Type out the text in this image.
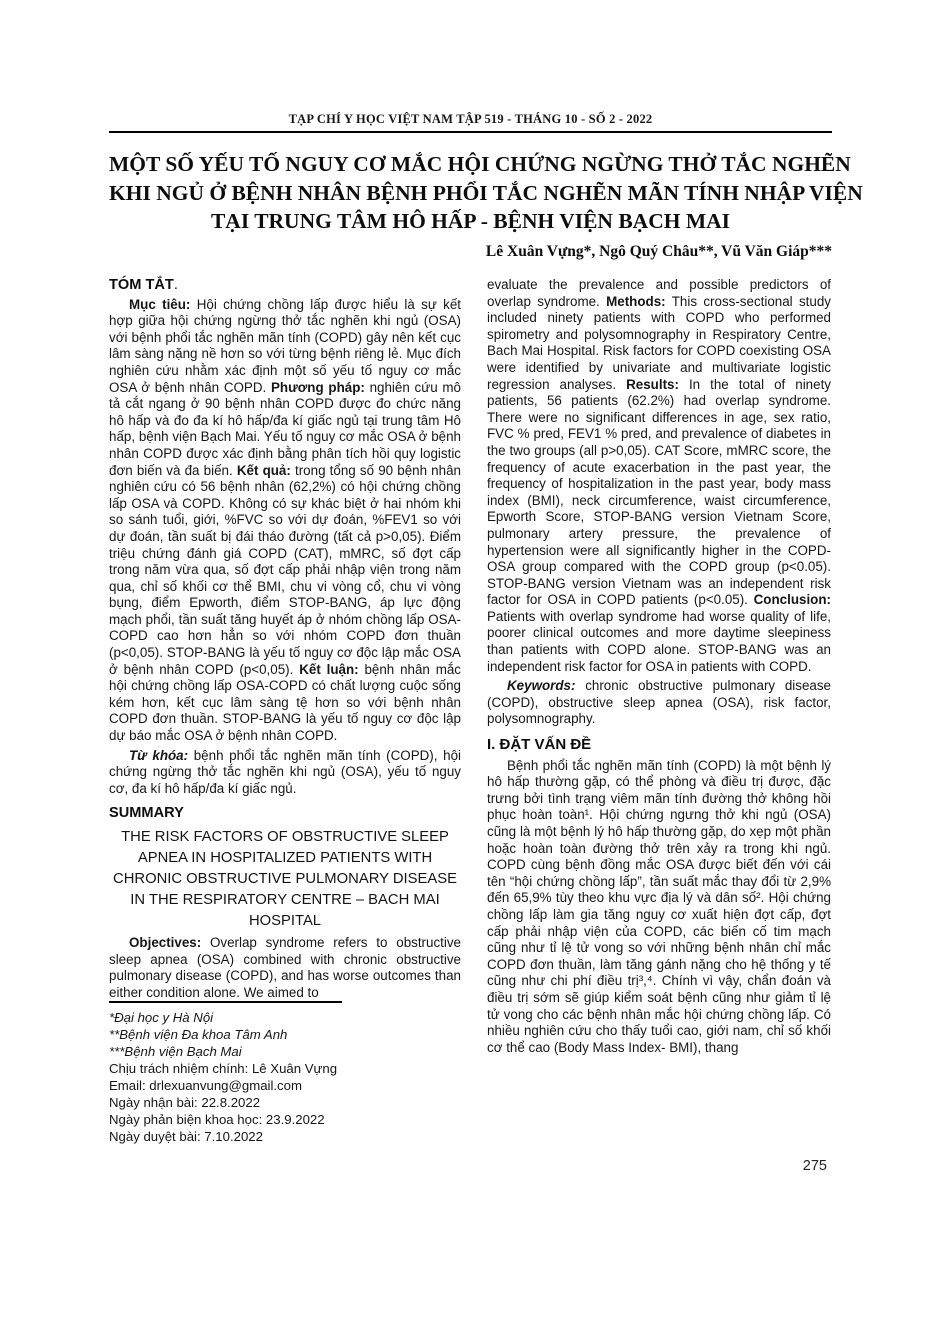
TẠP CHÍ Y HỌC VIỆT NAM TẬP 519 - THÁNG 10 - SỐ 2 - 2022
MỘT SỐ YẾU TỐ NGUY CƠ MẮC HỘI CHỨNG NGỪNG THỞ TẮC NGHẼN
KHI NGỦ Ở BỆNH NHÂN BỆNH PHỔI TẮC NGHẼN MÃN TÍNH NHẬP VIỆN
TẠI TRUNG TÂM HÔ HẤP - BỆNH VIỆN BẠCH MAI
Lê Xuân Vựng*, Ngô Quý Châu**, Vũ Văn Giáp***
TÓM TẮT.

Mục tiêu: Hội chứng chồng lấp được hiểu là sự kết hợp giữa hội chứng ngừng thở tắc nghẽn khi ngủ (OSA) với bệnh phổi tắc nghẽn mãn tính (COPD) gây nên kết cục lâm sàng nặng nề hơn so với từng bệnh riêng lẻ. Mục đích nghiên cứu nhằm xác định một số yếu tố nguy cơ mắc OSA ở bệnh nhân COPD. Phương pháp: nghiên cứu mô tả cắt ngang ở 90 bệnh nhân COPD được đo chức năng hô hấp và đo đa kí hô hấp/đa kí giấc ngủ tại trung tâm Hô hấp, bệnh viện Bạch Mai. Yếu tố nguy cơ mắc OSA ở bệnh nhân COPD được xác định bằng phân tích hồi quy logistic đơn biến và đa biến. Kết quả: trong tổng số 90 bệnh nhân nghiên cứu có 56 bệnh nhân (62,2%) có hội chứng chồng lấp OSA và COPD. Không có sự khác biệt ở hai nhóm khi so sánh tuổi, giới, %FVC so với dự đoán, %FEV1 so với dự đoán, tần suất bị đái tháo đường (tất cả p>0,05). Điểm triệu chứng đánh giá COPD (CAT), mMRC, số đợt cấp trong năm vừa qua, số đợt cấp phải nhập viện trong năm qua, chỉ số khối cơ thể BMI, chu vi vòng cổ, chu vi vòng bụng, điểm Epworth, điểm STOP-BANG, áp lực động mạch phổi, tần suất tăng huyết áp ở nhóm chồng lấp OSA-COPD cao hơn hẳn so với nhóm COPD đơn thuần (p<0,05). STOP-BANG là yếu tố nguy cơ độc lập mắc OSA ở bệnh nhân COPD (p<0,05). Kết luận: bệnh nhân mắc hội chứng chồng lấp OSA-COPD có chất lượng cuộc sống kém hơn, kết cục lâm sàng tệ hơn so với bệnh nhân COPD đơn thuần. STOP-BANG là yếu tố nguy cơ độc lập dự báo mắc OSA ở bệnh nhân COPD.

Từ khóa: bệnh phổi tắc nghẽn mãn tính (COPD), hội chứng ngừng thở tắc nghẽn khi ngủ (OSA), yếu tố nguy cơ, đa kí hô hấp/đa kí giấc ngủ.

SUMMARY
THE RISK FACTORS OF OBSTRUCTIVE SLEEP APNEA IN HOSPITALIZED PATIENTS WITH CHRONIC OBSTRUCTIVE PULMONARY DISEASE IN THE RESPIRATORY CENTRE – BACH MAI HOSPITAL

Objectives: Overlap syndrome refers to obstructive sleep apnea (OSA) combined with chronic obstructive pulmonary disease (COPD), and has worse outcomes than either condition alone. We aimed to

*Đại học y Hà Nội
**Bệnh viện Đa khoa Tâm Anh
***Bệnh viện Bạch Mai
Chịu trách nhiệm chính: Lê Xuân Vựng
Email: drlexuanvung@gmail.com
Ngày nhận bài: 22.8.2022
Ngày phản biện khoa học: 23.9.2022
Ngày duyệt bài: 7.10.2022

evaluate the prevalence and possible predictors of overlap syndrome. Methods: This cross-sectional study included ninety patients with COPD who performed spirometry and polysomnography in Respiratory Centre, Bach Mai Hospital. Risk factors for COPD coexisting OSA were identified by univariate and multivariate logistic regression analyses. Results: In the total of ninety patients, 56 patients (62.2%) had overlap syndrome. There were no significant differences in age, sex ratio, FVC % pred, FEV1 % pred, and prevalence of diabetes in the two groups (all p>0,05). CAT Score, mMRC score, the frequency of acute exacerbation in the past year, the frequency of hospitalization in the past year, body mass index (BMI), neck circumference, waist circumference, Epworth Score, STOP-BANG version Vietnam Score, pulmonary artery pressure, the prevalence of hypertension were all significantly higher in the COPD-OSA group compared with the COPD group (p<0.05). STOP-BANG version Vietnam was an independent risk factor for OSA in COPD patients (p<0.05). Conclusion: Patients with overlap syndrome had worse quality of life, poorer clinical outcomes and more daytime sleepiness than patients with COPD alone. STOP-BANG was an independent risk factor for OSA in patients with COPD.

Keywords: chronic obstructive pulmonary disease (COPD), obstructive sleep apnea (OSA), risk factor, polysomnography.

I. ĐẶT VẤN ĐỀ

Bệnh phổi tắc nghẽn mãn tính (COPD) là một bệnh lý hô hấp thường gặp, có thể phòng và điều trị được, đặc trưng bởi tình trạng viêm mãn tính đường thở không hồi phục hoàn toàn¹. Hội chứng ngưng thở khi ngủ (OSA) cũng là một bệnh lý hô hấp thường gặp, do xẹp một phần hoặc hoàn toàn đường thở trên xảy ra trong khi ngủ. COPD cùng bệnh đồng mắc OSA được biết đến với cái tên “hội chứng chồng lấp”, tần suất mắc thay đổi từ 2,9% đến 65,9% tùy theo khu vực địa lý và dân số². Hội chứng chồng lấp làm gia tăng nguy cơ xuất hiện đợt cấp, đợt cấp phải nhập viện của COPD, các biến cố tim mạch cũng như tỉ lệ tử vong so với những bệnh nhân chỉ mắc COPD đơn thuần, làm tăng gánh nặng cho hệ thống y tế cũng như chi phí điều trị³,⁴. Chính vì vậy, chẩn đoán và điều trị sớm sẽ giúp kiểm soát bệnh cũng như giảm tỉ lệ tử vong cho các bệnh nhân mắc hội chứng chồng lấp. Có nhiều nghiên cứu cho thấy tuổi cao, giới nam, chỉ số khối cơ thể cao (Body Mass Index- BMI), thang

275
